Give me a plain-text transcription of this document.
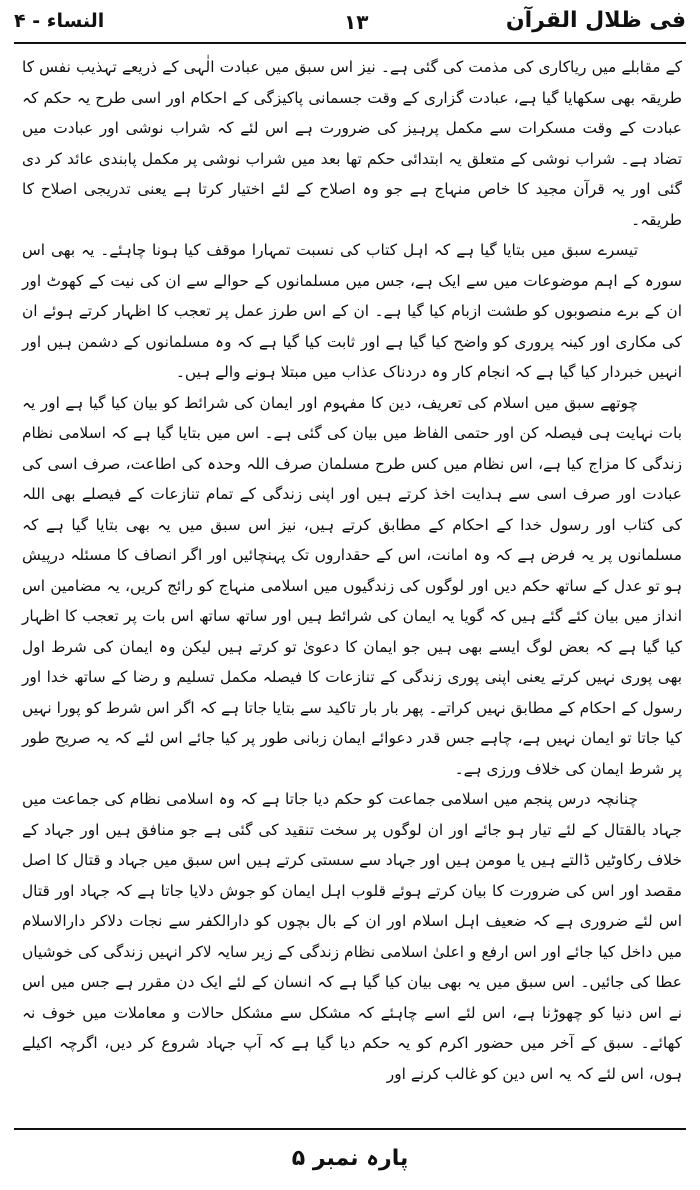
فی ظلال القرآن
۱۳
النساء - ۴

کے مقابلے میں ریاکاری کی مذمت کی گئی ہے۔ نیز اس سبق میں عبادت الٰہی کے ذریعے تہذیب نفس کا طریقہ بھی سکھایا گیا ہے، عبادت گزاری کے وقت جسمانی پاکیزگی کے احکام اور اسی طرح یہ حکم کہ عبادت کے وقت مسکرات سے مکمل پرہیز کی ضرورت ہے اس لئے کہ شراب نوشی اور عبادت میں تضاد ہے۔ شراب نوشی کے متعلق یہ ابتدائی حکم تھا بعد میں شراب نوشی پر مکمل پابندی عائد کر دی گئی اور یہ قرآن مجید کا خاص منہاج ہے جو وہ اصلاح کے لئے اختیار کرتا ہے یعنی تدریجی اصلاح کا طریقہ۔

تیسرے سبق میں بتایا گیا ہے کہ اہل کتاب کی نسبت تمہارا موقف کیا ہونا چاہئے۔ یہ بھی اس سورہ کے اہم موضوعات میں سے ایک ہے، جس میں مسلمانوں کے حوالے سے ان کی نیت کے کھوٹ اور ان کے برے منصوبوں کو طشت ازبام کیا گیا ہے۔ ان کے اس طرز عمل پر تعجب کا اظہار کرتے ہوئے ان کی مکاری اور کینہ پروری کو واضح کیا گیا ہے اور ثابت کیا گیا ہے کہ وہ مسلمانوں کے دشمن ہیں اور انہیں خبردار کیا گیا ہے کہ انجام کار وہ دردناک عذاب میں مبتلا ہونے والے ہیں۔

چوتھے سبق میں اسلام کی تعریف، دین کا مفہوم اور ایمان کی شرائط کو بیان کیا گیا ہے اور یہ بات نہایت ہی فیصلہ کن اور حتمی الفاظ میں بیان کی گئی ہے۔ اس میں بتایا گیا ہے کہ اسلامی نظام زندگی کا مزاج کیا ہے، اس نظام میں کس طرح مسلمان صرف اللہ وحدہ کی اطاعت، صرف اسی کی عبادت اور صرف اسی سے ہدایت اخذ کرتے ہیں اور اپنی زندگی کے تمام تنازعات کے فیصلے بھی اللہ کی کتاب اور رسول خدا کے احکام کے مطابق کرتے ہیں، نیز اس سبق میں یہ بھی بتایا گیا ہے کہ مسلمانوں پر یہ فرض ہے کہ وہ امانت، اس کے حقداروں تک پہنچائیں اور اگر انصاف کا مسئلہ درپیش ہو تو عدل کے ساتھ حکم دیں اور لوگوں کی زندگیوں میں اسلامی منہاج کو رائج کریں، یہ مضامین اس انداز میں بیان کئے گئے ہیں کہ گویا یہ ایمان کی شرائط ہیں اور ساتھ ساتھ اس بات پر تعجب کا اظہار کیا گیا ہے کہ بعض لوگ ایسے بھی ہیں جو ایمان کا دعویٰ تو کرتے ہیں لیکن وہ ایمان کی شرط اول بھی پوری نہیں کرتے یعنی اپنی پوری زندگی کے تنازعات کا فیصلہ مکمل تسلیم و رضا کے ساتھ خدا اور رسول کے احکام کے مطابق نہیں کراتے۔ پھر بار بار تاکید سے بتایا جاتا ہے کہ اگر اس شرط کو پورا نہیں کیا جاتا تو ایمان نہیں ہے، چاہے جس قدر دعوائے ایمان زبانی طور پر کیا جائے اس لئے کہ یہ صریح طور پر شرط ایمان کی خلاف ورزی ہے۔

چنانچہ درس پنجم میں اسلامی جماعت کو حکم دیا جاتا ہے کہ وہ اسلامی نظام کی جماعت میں جہاد بالقتال کے لئے تیار ہو جائے اور ان لوگوں پر سخت تنقید کی گئی ہے جو منافق ہیں اور جہاد کے خلاف رکاوٹیں ڈالتے ہیں یا مومن ہیں اور جہاد سے سستی کرتے ہیں اس سبق میں جہاد و قتال کا اصل مقصد اور اس کی ضرورت کا بیان کرتے ہوئے قلوب اہل ایمان کو جوش دلایا جاتا ہے کہ جہاد اور قتال اس لئے ضروری ہے کہ ضعیف اہل اسلام اور ان کے بال بچوں کو دارالکفر سے نجات دلاکر دارالاسلام میں داخل کیا جائے اور اس ارفع و اعلیٰ اسلامی نظام زندگی کے زیر سایہ لاکر انہیں زندگی کی خوشیاں عطا کی جائیں۔ اس سبق میں یہ بھی بیان کیا گیا ہے کہ انسان کے لئے ایک دن مقرر ہے جس میں اس نے اس دنیا کو چھوڑنا ہے، اس لئے اسے چاہئے کہ مشکل سے مشکل حالات و معاملات میں خوف نہ کھائے۔ سبق کے آخر میں حضور اکرم کو یہ حکم دیا گیا ہے کہ آپ جہاد شروع کر دیں، اگرچہ اکیلے ہوں، اس لئے کہ یہ اس دین کو غالب کرنے اور

پارہ نمبر ۵
